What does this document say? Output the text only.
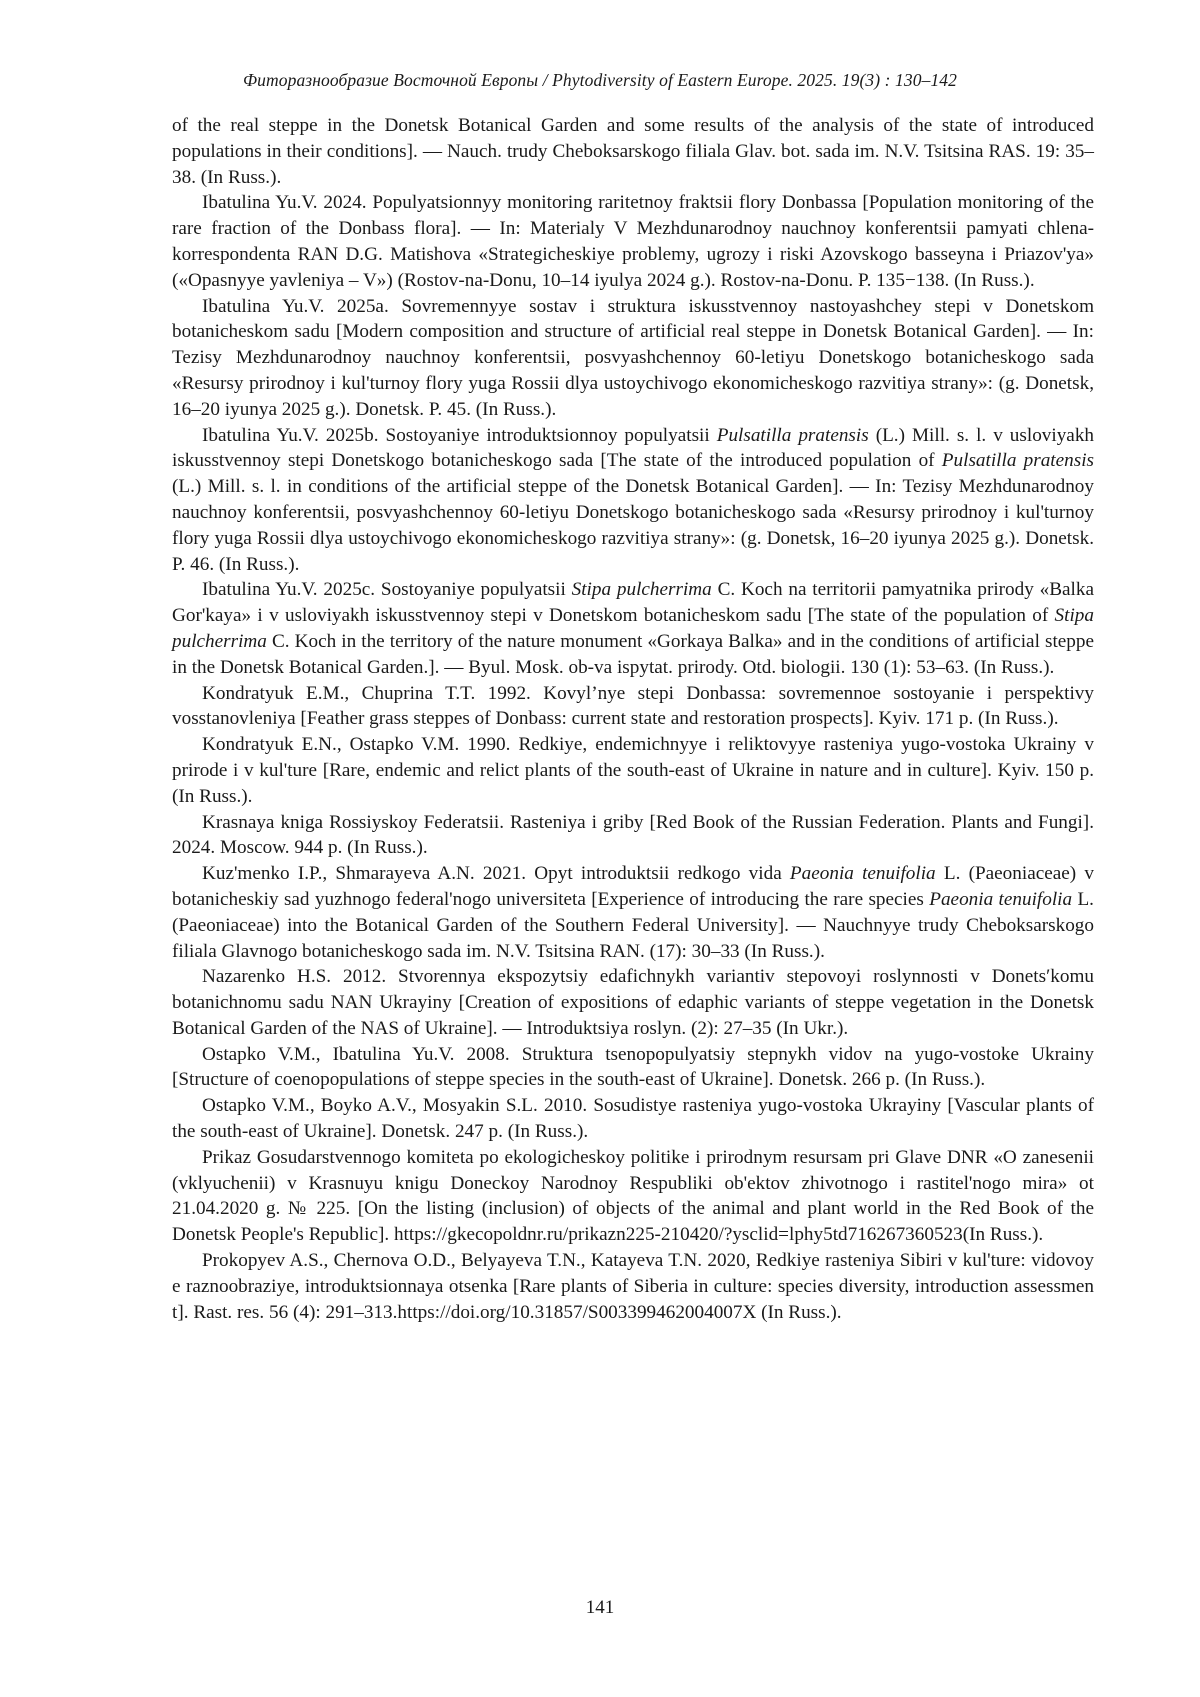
Фиторазнообразие Восточной Европы / Phytodiversity of Eastern Europe. 2025. 19(3) : 130–142

of the real steppe in the Donetsk Botanical Garden and some results of the analysis of the state of introduced populations in their conditions]. — Nauch. trudy Cheboksarskogo filiala Glav. bot. sada im. N.V. Tsitsina RAS. 19: 35–38. (In Russ.).

Ibatulina Yu.V. 2024. Populyatsionnyy monitoring raritetnoy fraktsii flory Donbassa [Population monitoring of the rare fraction of the Donbass flora]. — In: Materialy V Mezhdunarodnoy nauchnoy konferentsii pamyati chlena-korrespondenta RAN D.G. Matishova «Strategicheskiye problemy, ugrozy i riski Azovskogo basseyna i Priazov'ya» («Opasnyye yavleniya – V») (Rostov-na-Donu, 10–14 iyulya 2024 g.). Rostov-na-Donu. P. 135−138. (In Russ.).

Ibatulina Yu.V. 2025a. Sovremennyye sostav i struktura iskusstvennoy nastoyashchey stepi v Donetskom botanicheskom sadu [Modern composition and structure of artificial real steppe in Donetsk Botanical Garden]. — In: Tezisy Mezhdunarodnoy nauchnoy konferentsii, posvyashchennoy 60-letiyu Donetskogo botanicheskogo sada «Resursy prirodnoy i kul'turnoy flory yuga Rossii dlya ustoychivogo ekonomicheskogo razvitiya strany»: (g. Donetsk, 16–20 iyunya 2025 g.). Donetsk. P. 45. (In Russ.).

Ibatulina Yu.V. 2025b. Sostoyaniye introduktsionnoy populyatsii Pulsatilla pratensis (L.) Mill. s. l. v usloviyakh iskusstvennoy stepi Donetskogo botanicheskogo sada [The state of the introduced population of Pulsatilla pratensis (L.) Mill. s. l. in conditions of the artificial steppe of the Donetsk Botanical Garden]. — In: Tezisy Mezhdunarodnoy nauchnoy konferentsii, posvyashchennoy 60-letiyu Donetskogo botanicheskogo sada «Resursy prirodnoy i kul'turnoy flory yuga Rossii dlya ustoychivogo ekonomicheskogo razvitiya strany»: (g. Donetsk, 16–20 iyunya 2025 g.). Donetsk. P. 46. (In Russ.).

Ibatulina Yu.V. 2025c. Sostoyaniye populyatsii Stipa pulcherrima C. Koch na territorii pamyatnika prirody «Balka Gor'kaya» i v usloviyakh iskusstvennoy stepi v Donetskom botanicheskom sadu [The state of the population of Stipa pulcherrima C. Koch in the territory of the nature monument «Gorkaya Balka» and in the conditions of artificial steppe in the Donetsk Botanical Garden.]. — Byul. Mosk. ob-va ispytat. prirody. Otd. biologii. 130 (1): 53–63. (In Russ.).

Kondratyuk E.M., Chuprina T.T. 1992. Kovyl’nye stepi Donbassa: sovremennoe sostoyanie i perspektivy vosstanovleniya [Feather grass steppes of Donbass: current state and restoration prospects]. Kyiv. 171 p. (In Russ.).

Kondratyuk E.N., Ostapko V.M. 1990. Redkiye, endemichnyye i reliktovyye rasteniya yugo-vostoka Ukrainy v prirode i v kul'ture [Rare, endemic and relict plants of the south-east of Ukraine in nature and in culture]. Kyiv. 150 p. (In Russ.).

Krasnaya kniga Rossiyskoy Federatsii. Rasteniya i griby [Red Book of the Russian Federation. Plants and Fungi]. 2024. Moscow. 944 p. (In Russ.).

Kuz'menko I.P., Shmarayeva A.N. 2021. Opyt introduktsii redkogo vida Paeonia tenuifolia L. (Paeoniaceae) v botanicheskiy sad yuzhnogo federal'nogo universiteta [Experience of introducing the rare species Paeonia tenuifolia L. (Paeoniaceae) into the Botanical Garden of the Southern Federal University]. — Nauchnyye trudy Cheboksarskogo filiala Glavnogo botanicheskogo sada im. N.V. Tsitsina RAN. (17): 30–33 (In Russ.).

Nazarenko H.S. 2012. Stvorennya ekspozytsiy edafichnykh variantiv stepovoyi roslynnosti v Donets′komu botanichnomu sadu NAN Ukrayiny [Creation of expositions of edaphic variants of steppe vegetation in the Donetsk Botanical Garden of the NAS of Ukraine]. — Introduktsiya roslyn. (2): 27–35 (In Ukr.).

Ostapko V.M., Ibatulina Yu.V. 2008. Struktura tsenopopulyatsiy stepnykh vidov na yugo-vostoke Ukrainy [Structure of coenopopulations of steppe species in the south-east of Ukraine]. Donetsk. 266 p. (In Russ.).

Ostapko V.M., Boyko A.V., Mosyakin S.L. 2010. Sosudistye rasteniya yugo-vostoka Ukrayiny [Vascular plants of the south-east of Ukraine]. Donetsk. 247 p. (In Russ.).

Prikaz Gosudarstvennogo komiteta po ekologicheskoy politike i prirodnym resursam pri Glave DNR «O zanesenii (vklyuchenii) v Krasnuyu knigu Doneckoy Narodnoy Respubliki ob'ektov zhivotnogo i rastitel'nogo mira» ot 21.04.2020 g. № 225. [On the listing (inclusion) of objects of the animal and plant world in the Red Book of the Donetsk People's Republic]. https://gkecopoldnr.ru/prikazn225-210420/?ysclid=lphy5td716267360523(In Russ.).

Prokopyev A.S., Chernova O.D., Belyayeva T.N., Katayeva T.N. 2020, Redkiye rasteniya Sibiri v kul'ture: vidovoye raznoobraziye, introduktsionnaya otsenka [Rare plants of Siberia in culture: species diversity, introduction assessment]. Rast. res. 56 (4): 291–313.https://doi.org/10.31857/S003399462004007X (In Russ.).

141
